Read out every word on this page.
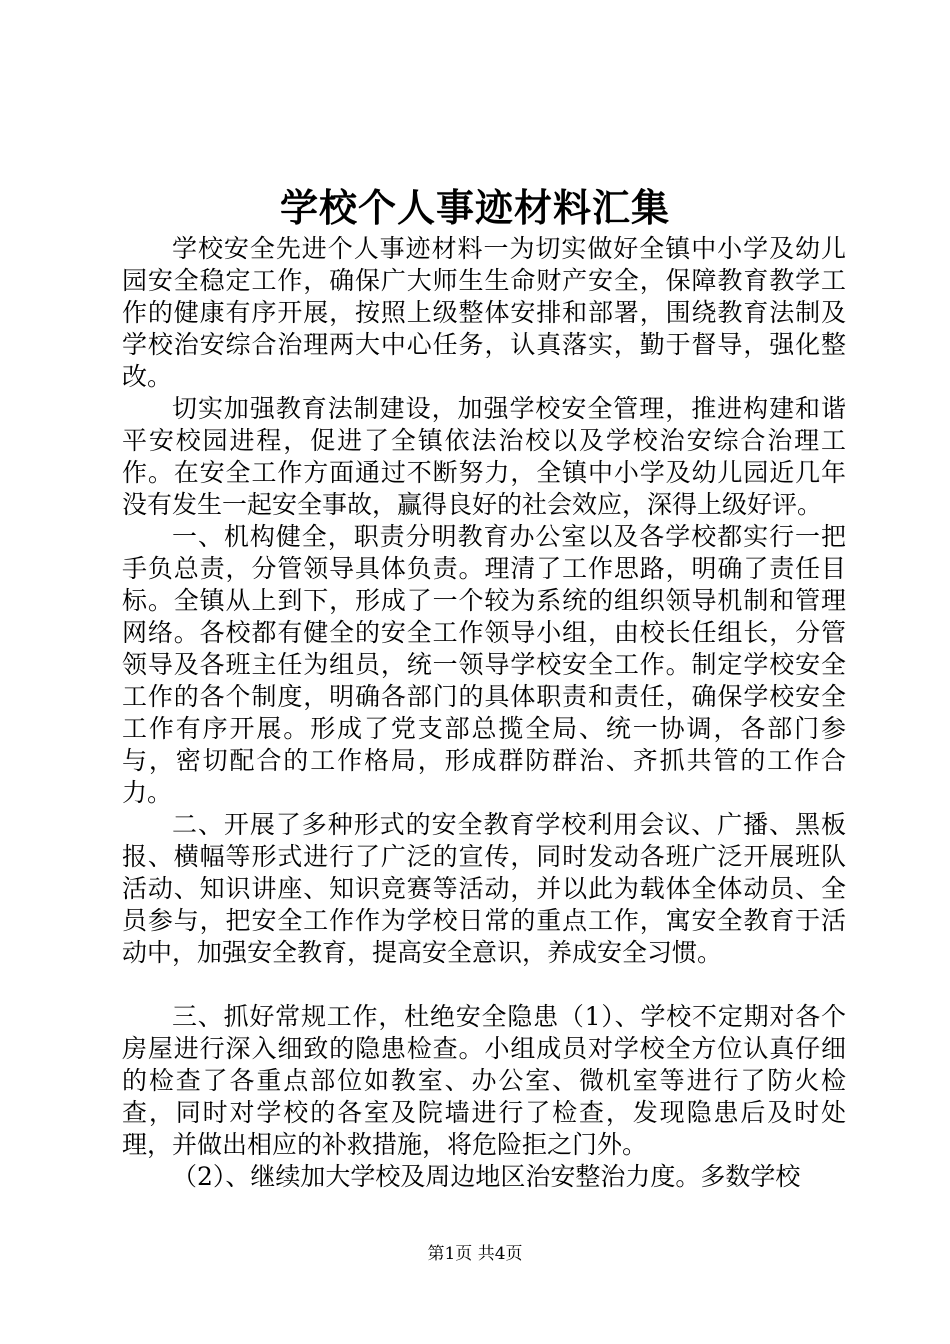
学校个人事迹材料汇集

学校安全先进个人事迹材料一为切实做好全镇中小学及幼儿园安全稳定工作，确保广大师生生命财产安全，保障教育教学工作的健康有序开展，按照上级整体安排和部署，围绕教育法制及学校治安综合治理两大中心任务，认真落实，勤于督导，强化整改。

切实加强教育法制建设，加强学校安全管理，推进构建和谐平安校园进程，促进了全镇依法治校以及学校治安综合治理工作。在安全工作方面通过不断努力，全镇中小学及幼儿园近几年没有发生一起安全事故，赢得良好的社会效应，深得上级好评。

一、机构健全，职责分明教育办公室以及各学校都实行一把手负总责，分管领导具体负责。理清了工作思路，明确了责任目标。全镇从上到下，形成了一个较为系统的组织领导机制和管理网络。各校都有健全的安全工作领导小组，由校长任组长，分管领导及各班主任为组员，统一领导学校安全工作。制定学校安全工作的各个制度，明确各部门的具体职责和责任，确保学校安全工作有序开展。形成了党支部总揽全局、统一协调，各部门参与，密切配合的工作格局，形成群防群治、齐抓共管的工作合力。

二、开展了多种形式的安全教育学校利用会议、广播、黑板报、横幅等形式进行了广泛的宣传，同时发动各班广泛开展班队活动、知识讲座、知识竞赛等活动，并以此为载体全体动员、全员参与，把安全工作作为学校日常的重点工作，寓安全教育于活动中，加强安全教育，提高安全意识，养成安全习惯。

三、抓好常规工作，杜绝安全隐患（1）、学校不定期对各个房屋进行深入细致的隐患检查。小组成员对学校全方位认真仔细的检查了各重点部位如教室、办公室、微机室等进行了防火检查，同时对学校的各室及院墙进行了检查，发现隐患后及时处理，并做出相应的补救措施，将危险拒之门外。

（2）、继续加大学校及周边地区治安整治力度。多数学校

第1页 共4页
